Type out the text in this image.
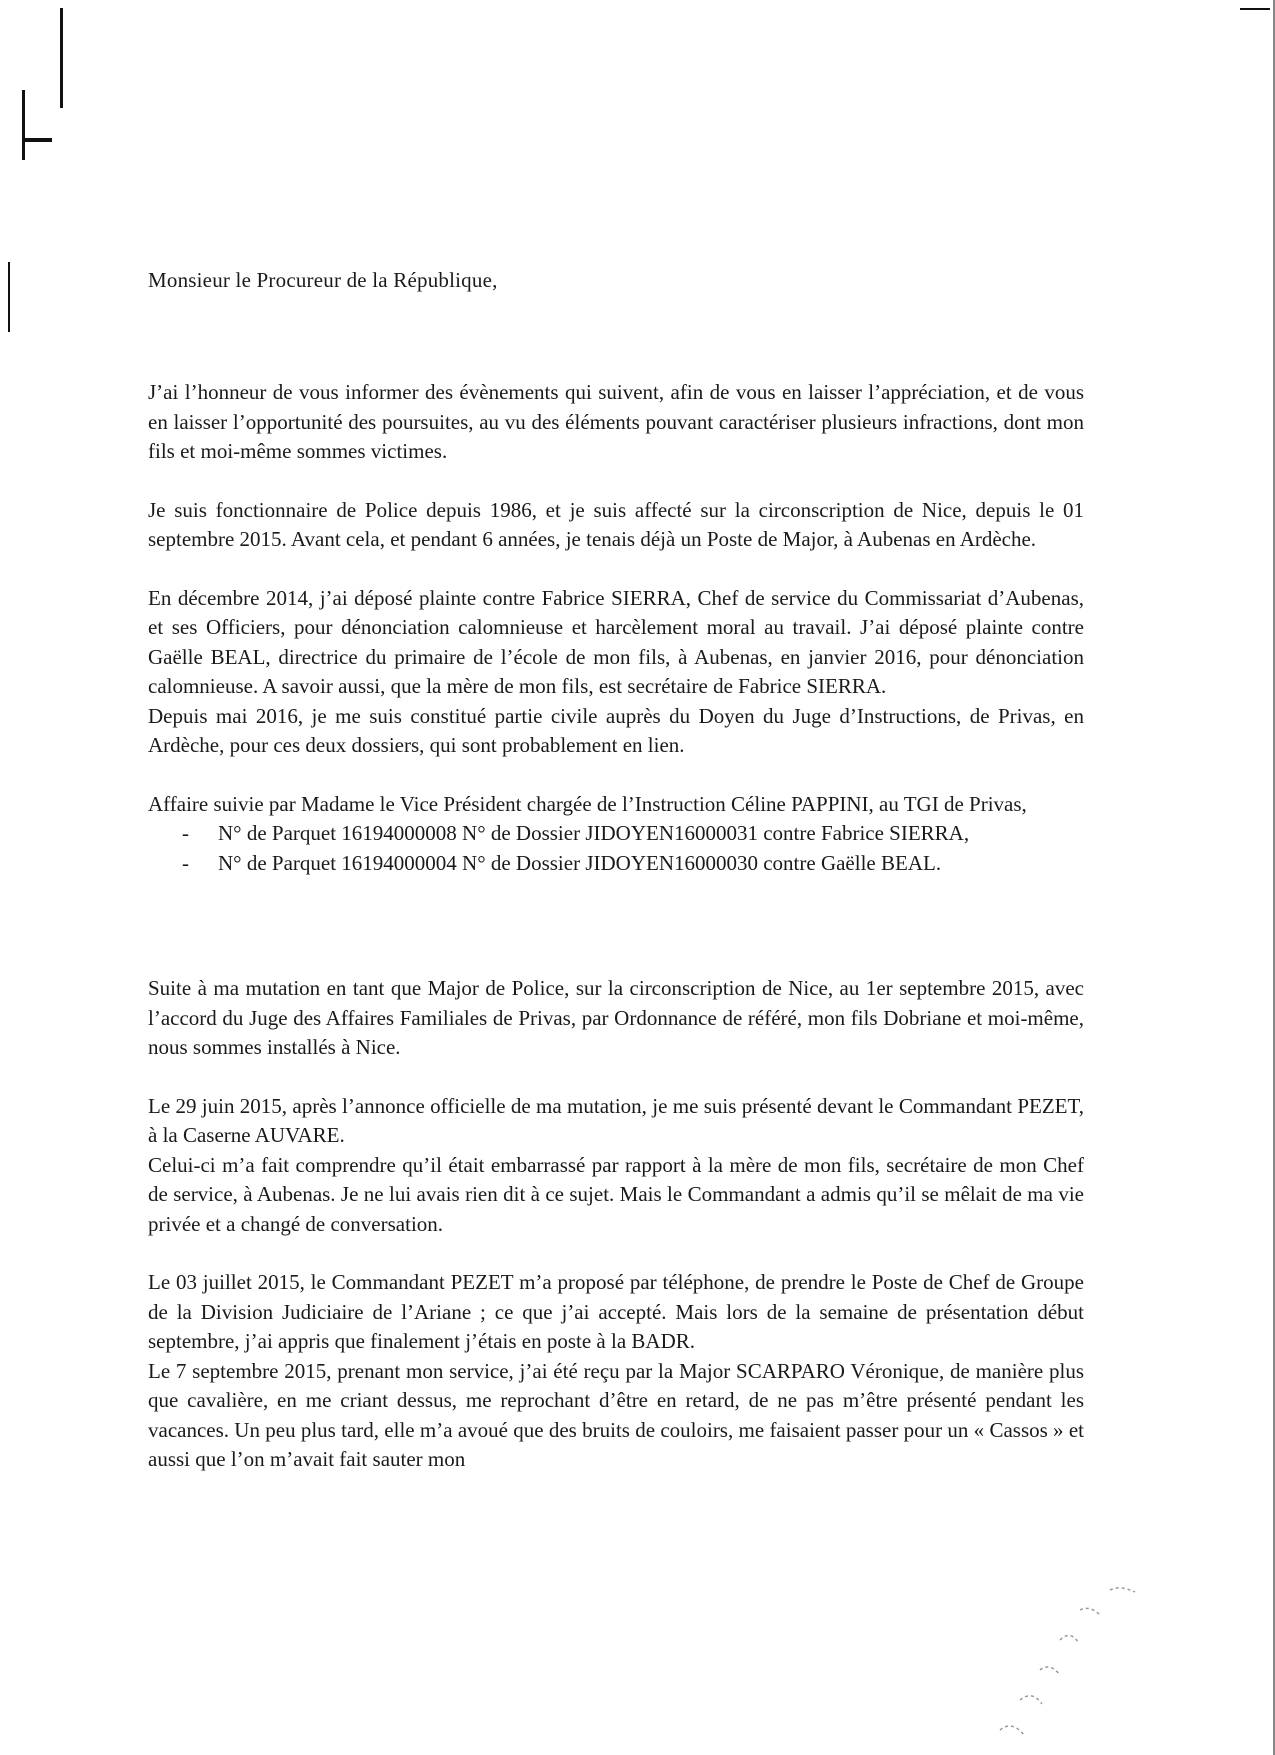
Monsieur le Procureur de la République,

J’ai l’honneur de vous informer des évènements qui suivent, afin de vous en laisser l’appréciation, et de vous en laisser l’opportunité des poursuites, au vu des éléments pouvant caractériser plusieurs infractions, dont mon fils et moi-même sommes victimes.

Je suis fonctionnaire de Police depuis 1986, et je suis affecté sur la circonscription de Nice, depuis le 01 septembre 2015. Avant cela, et pendant 6 années, je tenais déjà un Poste de Major, à Aubenas en Ardèche.

En décembre 2014, j’ai déposé plainte contre Fabrice SIERRA, Chef de service du Commissariat d’Aubenas, et ses Officiers, pour dénonciation calomnieuse et harcèlement moral au travail. J’ai déposé plainte contre Gaëlle BEAL, directrice du primaire de l’école de mon fils, à Aubenas, en janvier 2016, pour dénonciation calomnieuse. A savoir aussi, que la mère de mon fils, est secrétaire de Fabrice SIERRA.

Depuis mai 2016, je me suis constitué partie civile auprès du Doyen du Juge d’Instructions, de Privas, en Ardèche, pour ces deux dossiers, qui sont probablement en lien.

Affaire suivie par Madame le Vice Président chargée de l’Instruction Céline PAPPINI, au TGI de Privas,

- N° de Parquet 16194000008 N° de Dossier JIDOYEN16000031 contre Fabrice SIERRA,
- N° de Parquet 16194000004 N° de Dossier JIDOYEN16000030 contre Gaëlle BEAL.

Suite à ma mutation en tant que Major de Police, sur la circonscription de Nice, au 1er septembre 2015, avec l’accord du Juge des Affaires Familiales de Privas, par Ordonnance de référé, mon fils Dobriane et moi-même, nous sommes installés à Nice.

Le 29 juin 2015, après l’annonce officielle de ma mutation, je me suis présenté devant le Commandant PEZET, à la Caserne AUVARE.

Celui-ci m’a fait comprendre qu’il était embarrassé par rapport à la mère de mon fils, secrétaire de mon Chef de service, à Aubenas. Je ne lui avais rien dit à ce sujet. Mais le Commandant a admis qu’il se mêlait de ma vie privée et a changé de conversation.

Le 03 juillet 2015, le Commandant PEZET m’a proposé par téléphone, de prendre le Poste de Chef de Groupe de la Division Judiciaire de l’Ariane ; ce que j’ai accepté. Mais lors de la semaine de présentation début septembre, j’ai appris que finalement j’étais en poste à la BADR.

Le 7 septembre 2015, prenant mon service, j’ai été reçu par la Major SCARPARO Véronique, de manière plus que cavalière, en me criant dessus, me reprochant d’être en retard, de ne pas m’être présenté pendant les vacances. Un peu plus tard, elle m’a avoué que des bruits de couloirs, me faisaient passer pour un « Cassos » et aussi que l’on m’avait fait sauter mon
